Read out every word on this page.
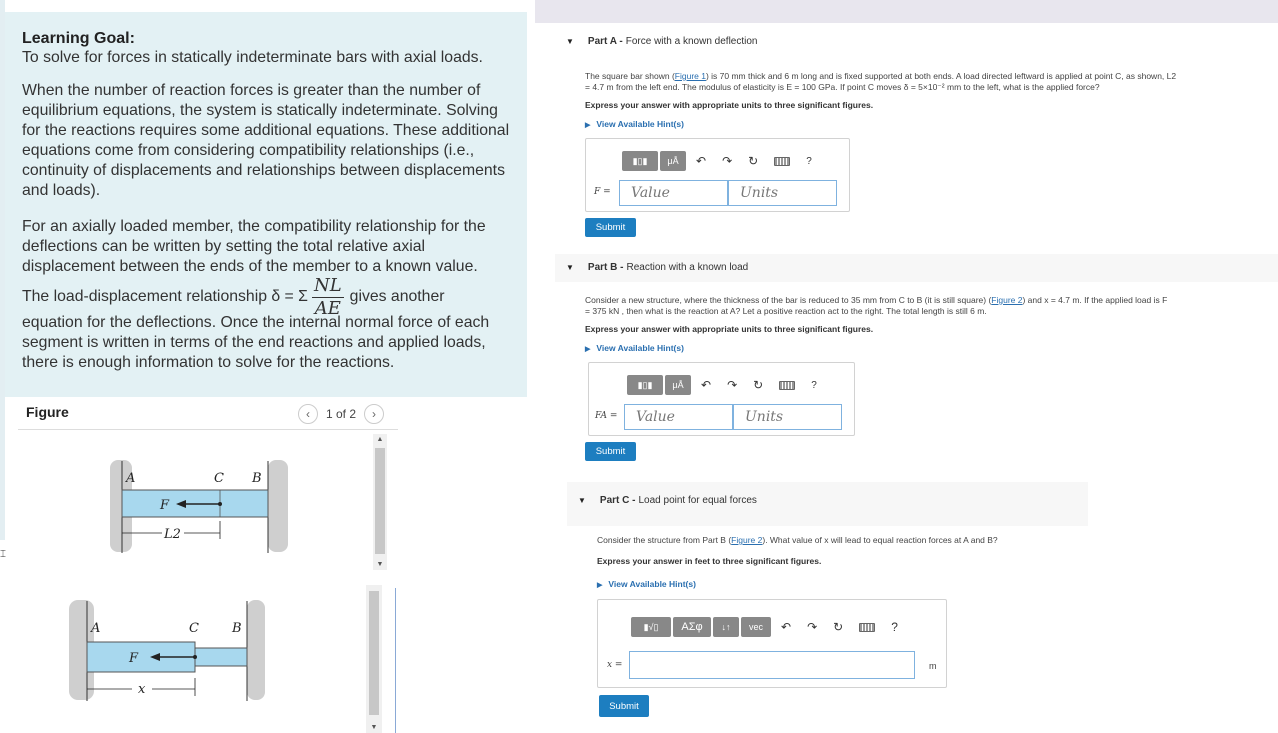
⌶
Learning Goal:

To solve for forces in statically indeterminate bars with axial loads.

When the number of reaction forces is greater than the number of equilibrium equations, the system is statically indeterminate. Solving for the reactions requires some additional equations. These additional equations come from considering compatibility relationships (i.e., continuity of displacements and relationships between displacements and loads).

For an axially loaded member, the compatibility relationship for the deflections can be written by setting the total relative axial displacement between the ends of the member to a known value.

The load-displacement relationship δ = Σ $\frac{NL}{AE}$ gives another

equation for the deflections. Once the internal normal force of each segment is written in terms of the end reactions and applied loads, there is enough information to solve for the reactions.

Figure	‹	1 of 2	›
A	C B
F
L2
A	C	B
F
x
▲
▼
▼
▼ Part A - Force with a known deflection
The square bar shown (Figure 1) is 70 mm thick and 6 m long and is fixed supported at both ends. A load directed leftward is applied at point C, as shown, L2
= 4.7 m from the left end. The modulus of elasticity is E = 100 GPa. If point C moves δ = 5×10⁻² mm to the left, what is the applied force?
Express your answer with appropriate units to three significant figures.
▶ View Available Hint(s)
▮▯▮	μÅ	↶ ↷ ↻	?
F =	Value	Units
Submit
▼ Part B - Reaction with a known load
Consider a new structure, where the thickness of the bar is reduced to 35 mm from C to B (it is still square) (Figure 2) and x = 4.7 m. If the applied load is F
= 375 kN , then what is the reaction at A? Let a positive reaction act to the right. The total length is still 6 m.
Express your answer with appropriate units to three significant figures.
▶ View Available Hint(s)
▮▯▮	μÅ	↶ ↷ ↻	?
FA =	Value	Units
Submit
▼ Part C - Load point for equal forces
Consider the structure from Part B (Figure 2). What value of x will lead to equal reaction forces at A and B?
Express your answer in feet to three significant figures.
▶ View Available Hint(s)
▮√▯	ΑΣφ	↓↑	vec	↶ ↷ ↻	?
x =	m
Submit
